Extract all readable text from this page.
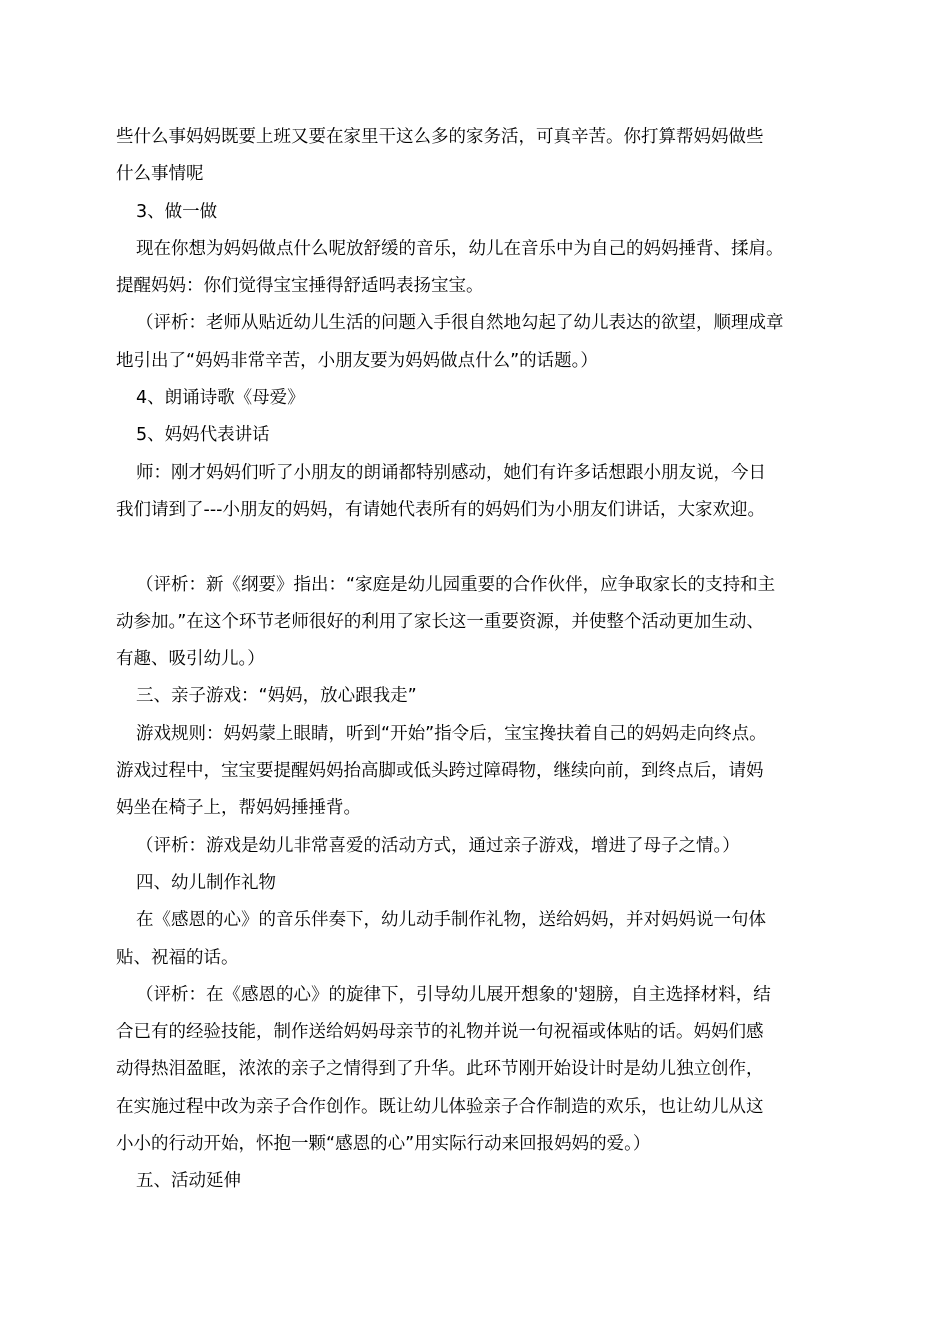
些什么事妈妈既要上班又要在家里干这么多的家务活，可真辛苦。你打算帮妈妈做些
什么事情呢
3、做一做
现在你想为妈妈做点什么呢放舒缓的音乐，幼儿在音乐中为自己的妈妈捶背、揉肩。
提醒妈妈：你们觉得宝宝捶得舒适吗表扬宝宝。
（评析：老师从贴近幼儿生活的问题入手很自然地勾起了幼儿表达的欲望，顺理成章
地引出了“妈妈非常辛苦，小朋友要为妈妈做点什么”的话题。）
4、朗诵诗歌《母爱》
5、妈妈代表讲话
师：刚才妈妈们听了小朋友的朗诵都特别感动，她们有许多话想跟小朋友说，今日
我们请到了---小朋友的妈妈，有请她代表所有的妈妈们为小朋友们讲话，大家欢迎。
（评析：新《纲要》指出：“家庭是幼儿园重要的合作伙伴，应争取家长的支持和主
动参加。”在这个环节老师很好的利用了家长这一重要资源，并使整个活动更加生动、
有趣、吸引幼儿。）
三、亲子游戏：“妈妈，放心跟我走”
游戏规则：妈妈蒙上眼睛，听到“开始”指令后，宝宝搀扶着自己的妈妈走向终点。
游戏过程中，宝宝要提醒妈妈抬高脚或低头跨过障碍物，继续向前，到终点后，请妈
妈坐在椅子上，帮妈妈捶捶背。
（评析：游戏是幼儿非常喜爱的活动方式，通过亲子游戏，增进了母子之情。）
四、幼儿制作礼物
在《感恩的心》的音乐伴奏下，幼儿动手制作礼物，送给妈妈，并对妈妈说一句体
贴、祝福的话。
（评析：在《感恩的心》的旋律下，引导幼儿展开想象的'翅膀，自主选择材料，结
合已有的经验技能，制作送给妈妈母亲节的礼物并说一句祝福或体贴的话。妈妈们感
动得热泪盈眶，浓浓的亲子之情得到了升华。此环节刚开始设计时是幼儿独立创作，
在实施过程中改为亲子合作创作。既让幼儿体验亲子合作制造的欢乐，也让幼儿从这
小小的行动开始，怀抱一颗“感恩的心”用实际行动来回报妈妈的爱。）
五、活动延伸
